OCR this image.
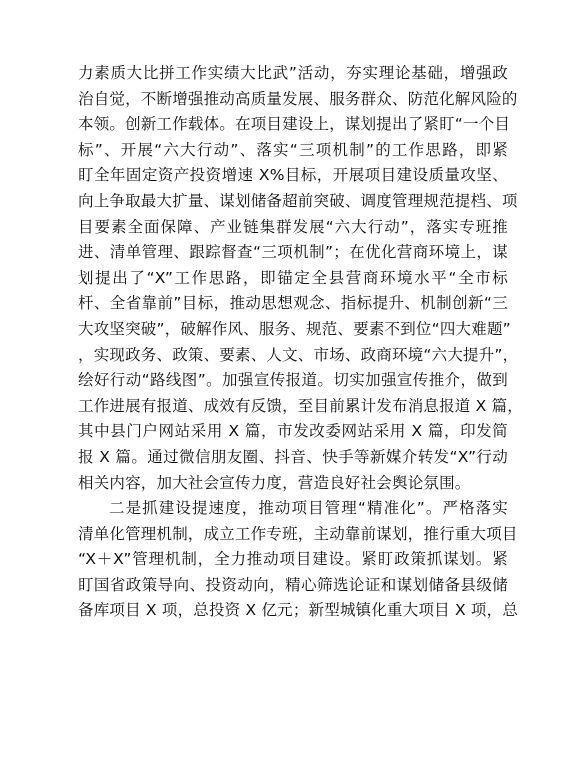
力素质大比拼工作实绩大比武”活动，夯实理论基础，增强政
治自觉，不断增强推动高质量发展、服务群众、防范化解风险的
本领。创新工作载体。在项目建设上，谋划提出了紧盯“一个目
标”、开展“六大行动”、落实“三项机制”的工作思路，即紧
盯全年固定资产投资增速 X%目标，开展项目建设质量攻坚、
向上争取最大扩量、谋划储备超前突破、调度管理规范提档、项
目要素全面保障、产业链集群发展“六大行动”，落实专班推
进、清单管理、跟踪督查“三项机制”；在优化营商环境上，谋
划提出了“X”工作思路，即锚定全县营商环境水平“全市标
杆、全省靠前”目标，推动思想观念、指标提升、机制创新“三
大攻坚突破”，破解作风、服务、规范、要素不到位“四大难题”
，实现政务、政策、要素、人文、市场、政商环境“六大提升”，
绘好行动“路线图”。加强宣传报道。切实加强宣传推介，做到
工作进展有报道、成效有反馈，至目前累计发布消息报道 X 篇，
其中县门户网站采用 X 篇，市发改委网站采用 X 篇，印发简
报 X 篇。通过微信朋友圈、抖音、快手等新媒介转发“X”行动
相关内容，加大社会宣传力度，营造良好社会舆论氛围。
二是抓建设提速度，推动项目管理“精准化”。严格落实
清单化管理机制，成立工作专班，主动靠前谋划，推行重大项目
“X＋X”管理机制，全力推动项目建设。紧盯政策抓谋划。紧
盯国省政策导向、投资动向，精心筛选论证和谋划储备县级储
备库项目 X 项，总投资 X 亿元；新型城镇化重大项目 X 项，总
